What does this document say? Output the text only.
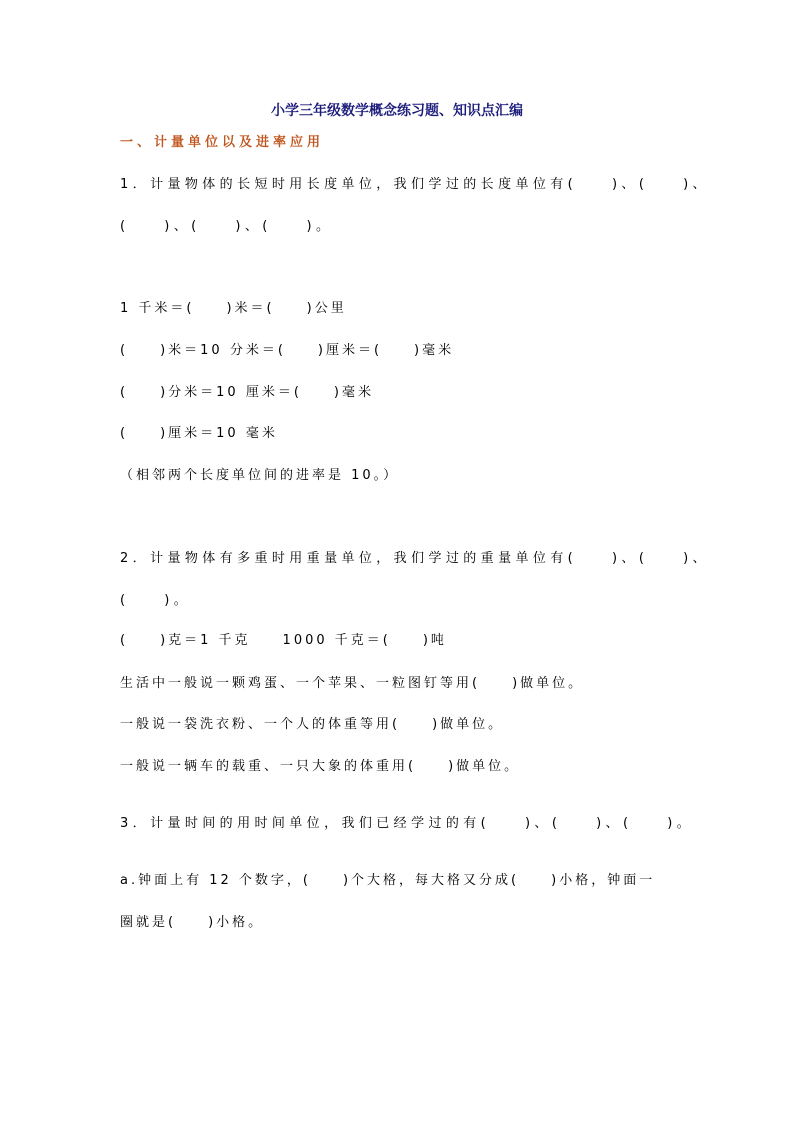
小学三年级数学概念练习题、知识点汇编
一、计量单位以及进率应用
1．计量物体的长短时用长度单位，我们学过的长度单位有(　　)、(　　)、
(　　)、(　　)、(　　)。
1 千米＝(　　)米＝(　　)公里
(　　)米＝10 分米＝(　　)厘米＝(　　)毫米
(　　)分米＝10 厘米＝(　　)毫米
(　　)厘米＝10 毫米
（相邻两个长度单位间的进率是 10。）
2．计量物体有多重时用重量单位，我们学过的重量单位有(　　)、(　　)、
(　　)。
(　　)克＝1 千克　　1000 千克＝(　　)吨
生活中一般说一颗鸡蛋、一个苹果、一粒图钉等用(　　)做单位。
一般说一袋洗衣粉、一个人的体重等用(　　)做单位。
一般说一辆车的载重、一只大象的体重用(　　)做单位。
3．计量时间的用时间单位，我们已经学过的有(　　)、(　　)、(　　)。
a.钟面上有 12 个数字，(　　)个大格，每大格又分成(　　)小格，钟面一
圈就是(　　)小格。
